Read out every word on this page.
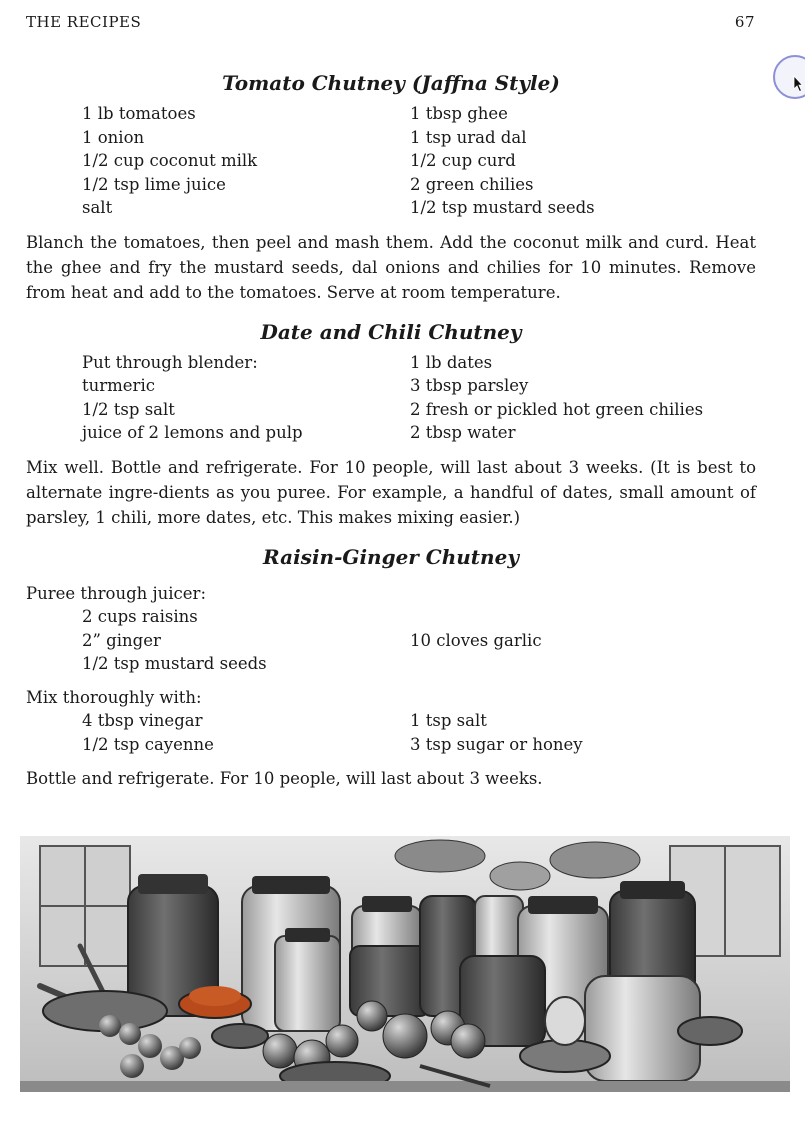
THE RECIPES	67
Tomato Chutney (Jaffna Style)
1 lb tomatoes	1 tbsp ghee
1 onion	1 tsp urad dal
1/2 cup coconut milk	1/2 cup curd
1/2 tsp lime juice	2 green chilies
salt	1/2 tsp mustard seeds

Blanch the tomatoes, then peel and mash them. Add the coconut milk and curd. Heat the ghee and fry the mustard seeds, dal onions and chilies for 10 minutes. Remove from heat and add to the tomatoes. Serve at room temperature.

Date and Chili Chutney
Put through blender:	1 lb dates
turmeric	3 tbsp parsley
1/2 tsp salt	2 fresh or pickled hot green chilies
juice of 2 lemons and pulp	2 tbsp water

Mix well. Bottle and refrigerate. For 10 people, will last about 3 weeks. (It is best to alternate ingre-dients as you puree. For example, a handful of dates, small amount of parsley, 1 chili, more dates, etc. This makes mixing easier.)

Raisin-Ginger Chutney

Puree through juicer:

2 cups raisins
2” ginger	10 cloves garlic
1/2 tsp mustard seeds

Mix thoroughly with:

4 tbsp vinegar	1 tsp salt
1/2 tsp cayenne	3 tsp sugar or honey

Bottle and refrigerate. For 10 people, will last about 3 weeks.
